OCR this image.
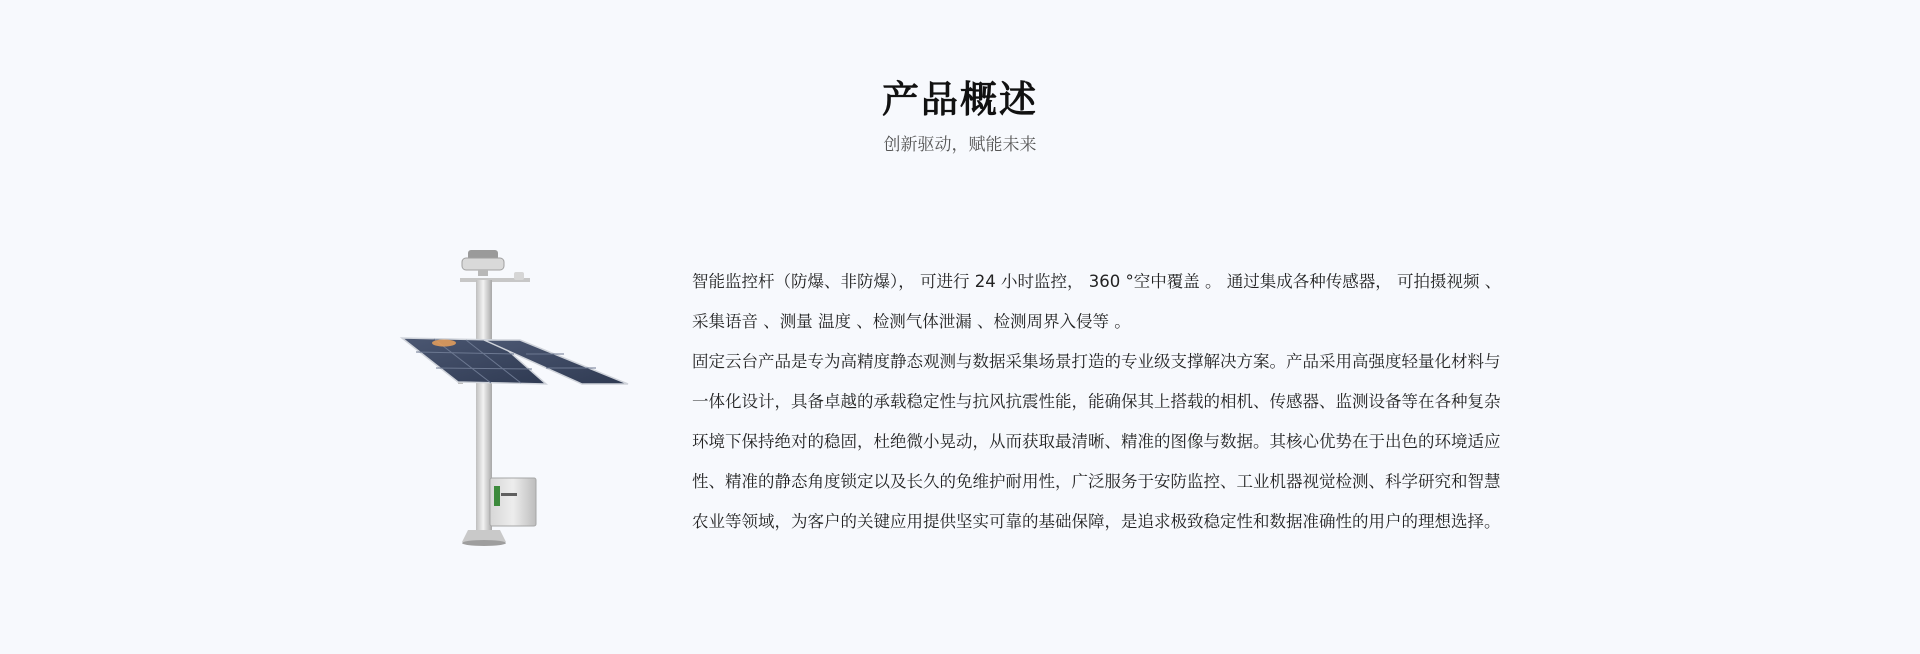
产品概述
创新驱动，赋能未来

智能监控杆（防爆、非防爆）， 可进行 24 小时监控， 360 °空中覆盖 。 通过集成各种传感器， 可拍摄视频 、

采集语音 、测量 温度 、检测气体泄漏 、检测周界入侵等 。

固定云台产品是专为高精度静态观测与数据采集场景打造的专业级支撑解决方案。产品采用高强度轻量化材料与

一体化设计，具备卓越的承载稳定性与抗风抗震性能，能确保其上搭载的相机、传感器、监测设备等在各种复杂

环境下保持绝对的稳固，杜绝微小晃动，从而获取最清晰、精准的图像与数据。其核心优势在于出色的环境适应

性、精准的静态角度锁定以及长久的免维护耐用性，广泛服务于安防监控、工业机器视觉检测、科学研究和智慧

农业等领域，为客户的关键应用提供坚实可靠的基础保障，是追求极致稳定性和数据准确性的用户的理想选择。
